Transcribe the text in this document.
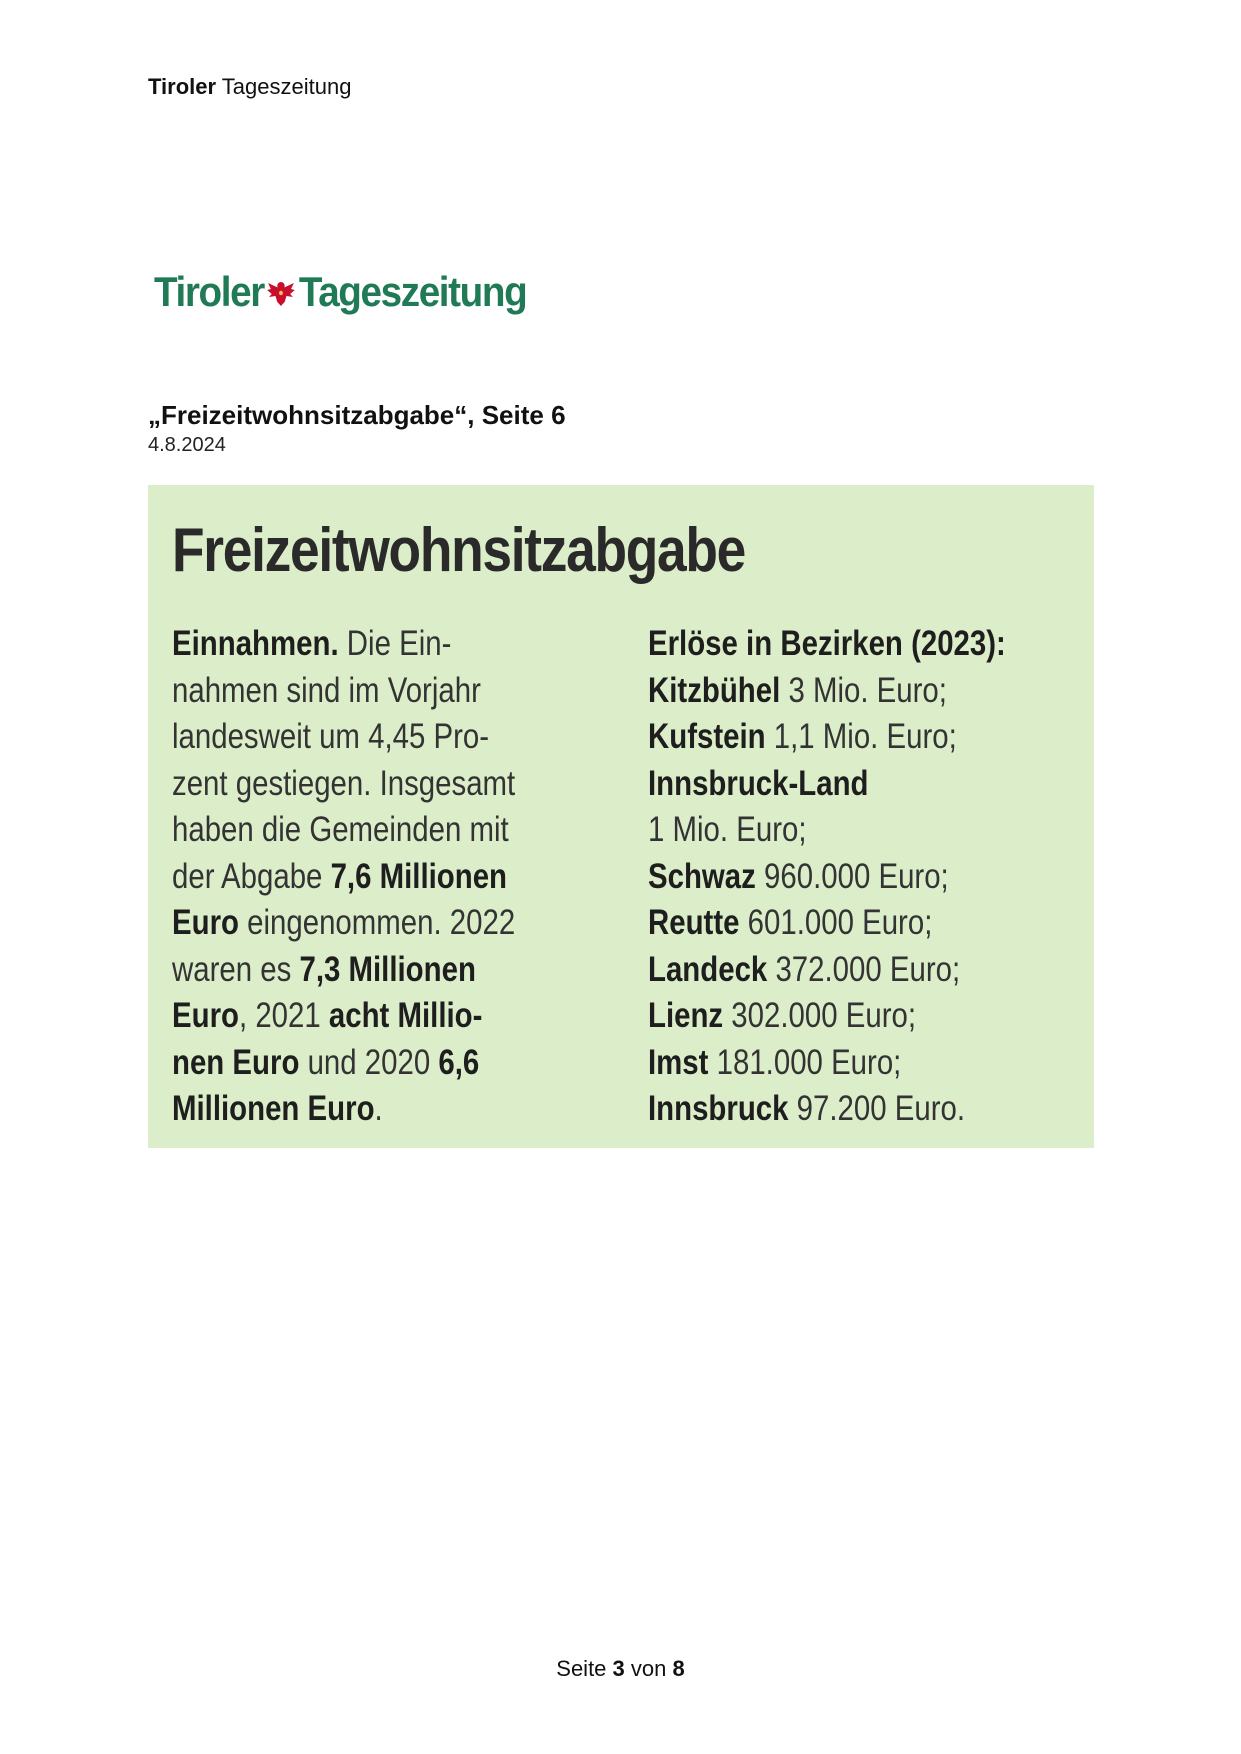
Tiroler Tageszeitung
Tiroler Tageszeitung
„Freizeitwohnsitzabgabe“, Seite 6
4.8.2024
Freizeitwohnsitzabgabe
Einnahmen. Die Ein-
nahmen sind im Vorjahr
landesweit um 4,45 Pro-
zent gestiegen. Insgesamt
haben die Gemeinden mit
der Abgabe 7,6 Millionen
Euro eingenommen. 2022
waren es 7,3 Millionen
Euro, 2021 acht Millio-
nen Euro und 2020 6,6
Millionen Euro.
Erlöse in Bezirken (2023):
Kitzbühel 3 Mio. Euro;
Kufstein 1,1 Mio. Euro;
Innsbruck-Land
1 Mio. Euro;
Schwaz 960.000 Euro;
Reutte 601.000 Euro;
Landeck 372.000 Euro;
Lienz 302.000 Euro;
Imst 181.000 Euro;
Innsbruck 97.200 Euro.
Seite 3 von 8
